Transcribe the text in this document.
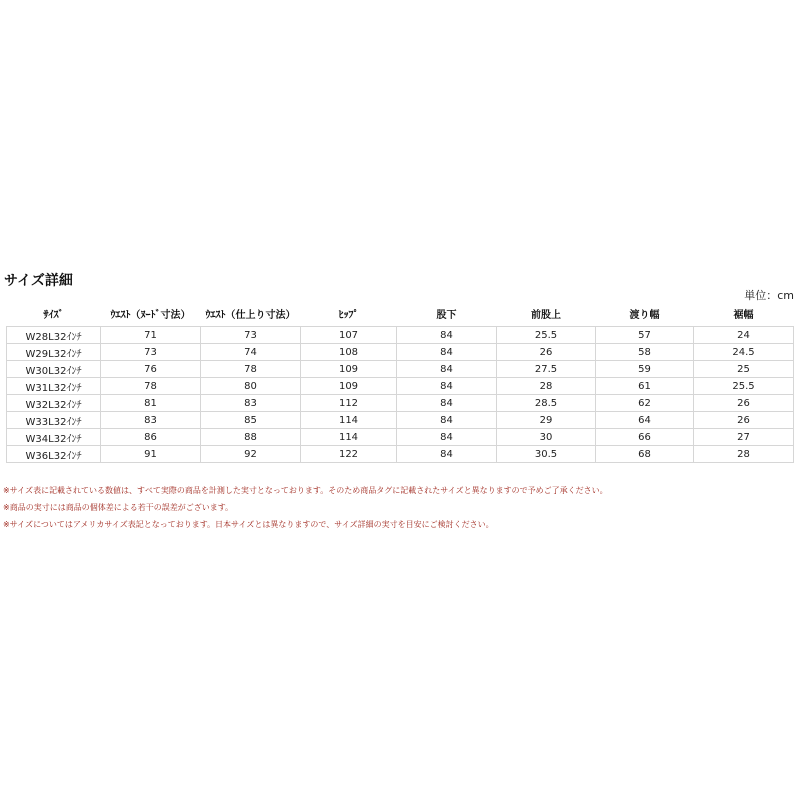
サイズ詳細
単位：cm
ｻｲｽﾞ	ｳｴｽﾄ（ﾇｰﾄﾞ寸法）	ｳｴｽﾄ（仕上り寸法）	ﾋｯﾌﾟ	股下	前股上	渡り幅	裾幅
W28L32ｲﾝﾁ	71	73	107	84	25.5	57	24
W29L32ｲﾝﾁ	73	74	108	84	26	58	24.5
W30L32ｲﾝﾁ	76	78	109	84	27.5	59	25
W31L32ｲﾝﾁ	78	80	109	84	28	61	25.5
W32L32ｲﾝﾁ	81	83	112	84	28.5	62	26
W33L32ｲﾝﾁ	83	85	114	84	29	64	26
W34L32ｲﾝﾁ	86	88	114	84	30	66	27
W36L32ｲﾝﾁ	91	92	122	84	30.5	68	28
※サイズ表に記載されている数値は、すべて実際の商品を計測した実寸となっております。そのため商品タグに記載されたサイズと異なりますので予めご了承ください。
※商品の実寸には商品の個体差による若干の誤差がございます。
※サイズについてはアメリカサイズ表記となっております。日本サイズとは異なりますので、サイズ詳細の実寸を目安にご検討ください。
